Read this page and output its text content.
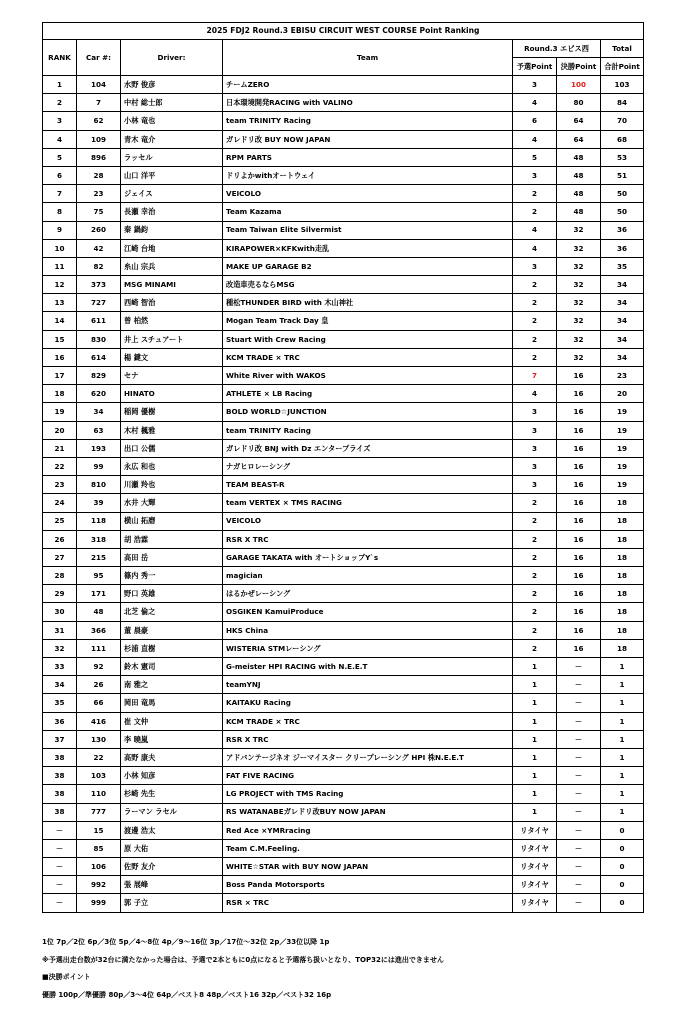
2025 FDJ2 Round.3 EBISU CIRCUIT WEST COURSE Point Ranking						
RANK	Car #:	Driver:	Team	Round.3 エビス西		Total
				予選Point	決勝Point	合計Point
1	104	水野 俊彦	チームZERO	3	100	103
2	7	中村 総士郎	日本環境開発RACING with VALINO	4	80	84
3	62	小林 竜也	team TRINITY Racing	6	64	70
4	109	青木 竜介	ガレドリ改 BUY NOW JAPAN	4	64	68
5	896	ラッセル	RPM PARTS	5	48	53
6	28	山口 洋平	ドリよかwithオートウェイ	3	48	51
7	23	ジェイス	VEICOLO	2	48	50
8	75	長瀬 幸治	Team Kazama	2	48	50
9	260	秦 鍋鈞	Team Taiwan Elite Silvermist	4	32	36
10	42	江崎 台地	KIRAPOWER×KFKwith走乱	4	32	36
11	82	糸山 宗兵	MAKE UP GARAGE B2	3	32	35
12	373	MSG MINAMI	改造車売るならMSG	2	32	34
13	727	西崎 智治	種松THUNDER BIRD with 木山神社	2	32	34
14	611	曾 柏然	Mogan Team Track Day 皇	2	32	34
15	830	井上 スチュアート	Stuart With Crew Racing	2	32	34
16	614	楊 鍵文	KCM TRADE × TRC	2	32	34
17	829	セナ	White River with WAKOS	7	16	23
18	620	HINATO	ATHLETE × LB Racing	4	16	20
19	34	稲岡 優樹	BOLD WORLD☆JUNCTION	3	16	19
20	63	木村 楓雅	team TRINITY Racing	3	16	19
21	193	出口 公儒	ガレドリ改 BNJ with Dz エンタープライズ	3	16	19
22	99	永広 和也	ナガヒロレーシング	3	16	19
23	810	川瀬 羚也	TEAM BEAST-R	3	16	19
24	39	水井 大輝	team VERTEX × TMS RACING	2	16	18
25	118	横山 拓磨	VEICOLO	2	16	18
26	318	胡 浩霖	RSR X TRC	2	16	18
27	215	高田 岳	GARAGE TAKATA with オートショップY`s	2	16	18
28	95	篠内 秀一	magician	2	16	18
29	171	野口 英雄	はるかぜレーシング	2	16	18
30	48	北芝 倫之	OSGIKEN KamuiProduce	2	16	18
31	366	董 晨豪	HKS China	2	16	18
32	111	杉浦 直樹	WISTERIA STMレーシング	2	16	18
33	92	鈴木 憲司	G-meister HPI RACING with N.E.E.T	1	－	1
34	26	南 雅之	teamYNJ	1	－	1
35	66	岡田 竜馬	KAITAKU Racing	1	－	1
36	416	崔 文仲	KCM TRADE × TRC	1	－	1
37	130	李 曉嵐	RSR X TRC	1	－	1
38	22	高野 康夫	アドバンテージネオ ジーマイスター クリープレーシング HPI 株N.E.E.T	1	－	1
38	103	小林 知彦	FAT FIVE RACING	1	－	1
38	110	杉崎 先生	LG PROJECT with TMS Racing	1	－	1
38	777	ラーマン ラセル	RS WATANABEガレドリ改BUY NOW JAPAN	1	－	1
－	15	渡邊 浩太	Red Ace ×YMRracing	リタイヤ	－	0
－	85	原 大佑	Team C.M.Feeling.	リタイヤ	－	0
－	106	佐野 友介	WHITE☆STAR with BUY NOW JAPAN	リタイヤ	－	0
－	992	張 展峰	Boss Panda Motorsports	リタイヤ	－	0
－	999	郭 子立	RSR × TRC	リタイヤ	－	0
1位 7p／2位 6p／3位 5p／4～8位 4p／9～16位 3p／17位～32位 2p／33位以降 1p
※予選出走台数が32台に満たなかった場合は、予選で2本ともに0点になると予選落ち扱いとなり、TOP32には進出できません
■決勝ポイント
優勝 100p／準優勝 80p／3～4位 64p／ベスト8 48p／ベスト16 32p／ベスト32 16p
